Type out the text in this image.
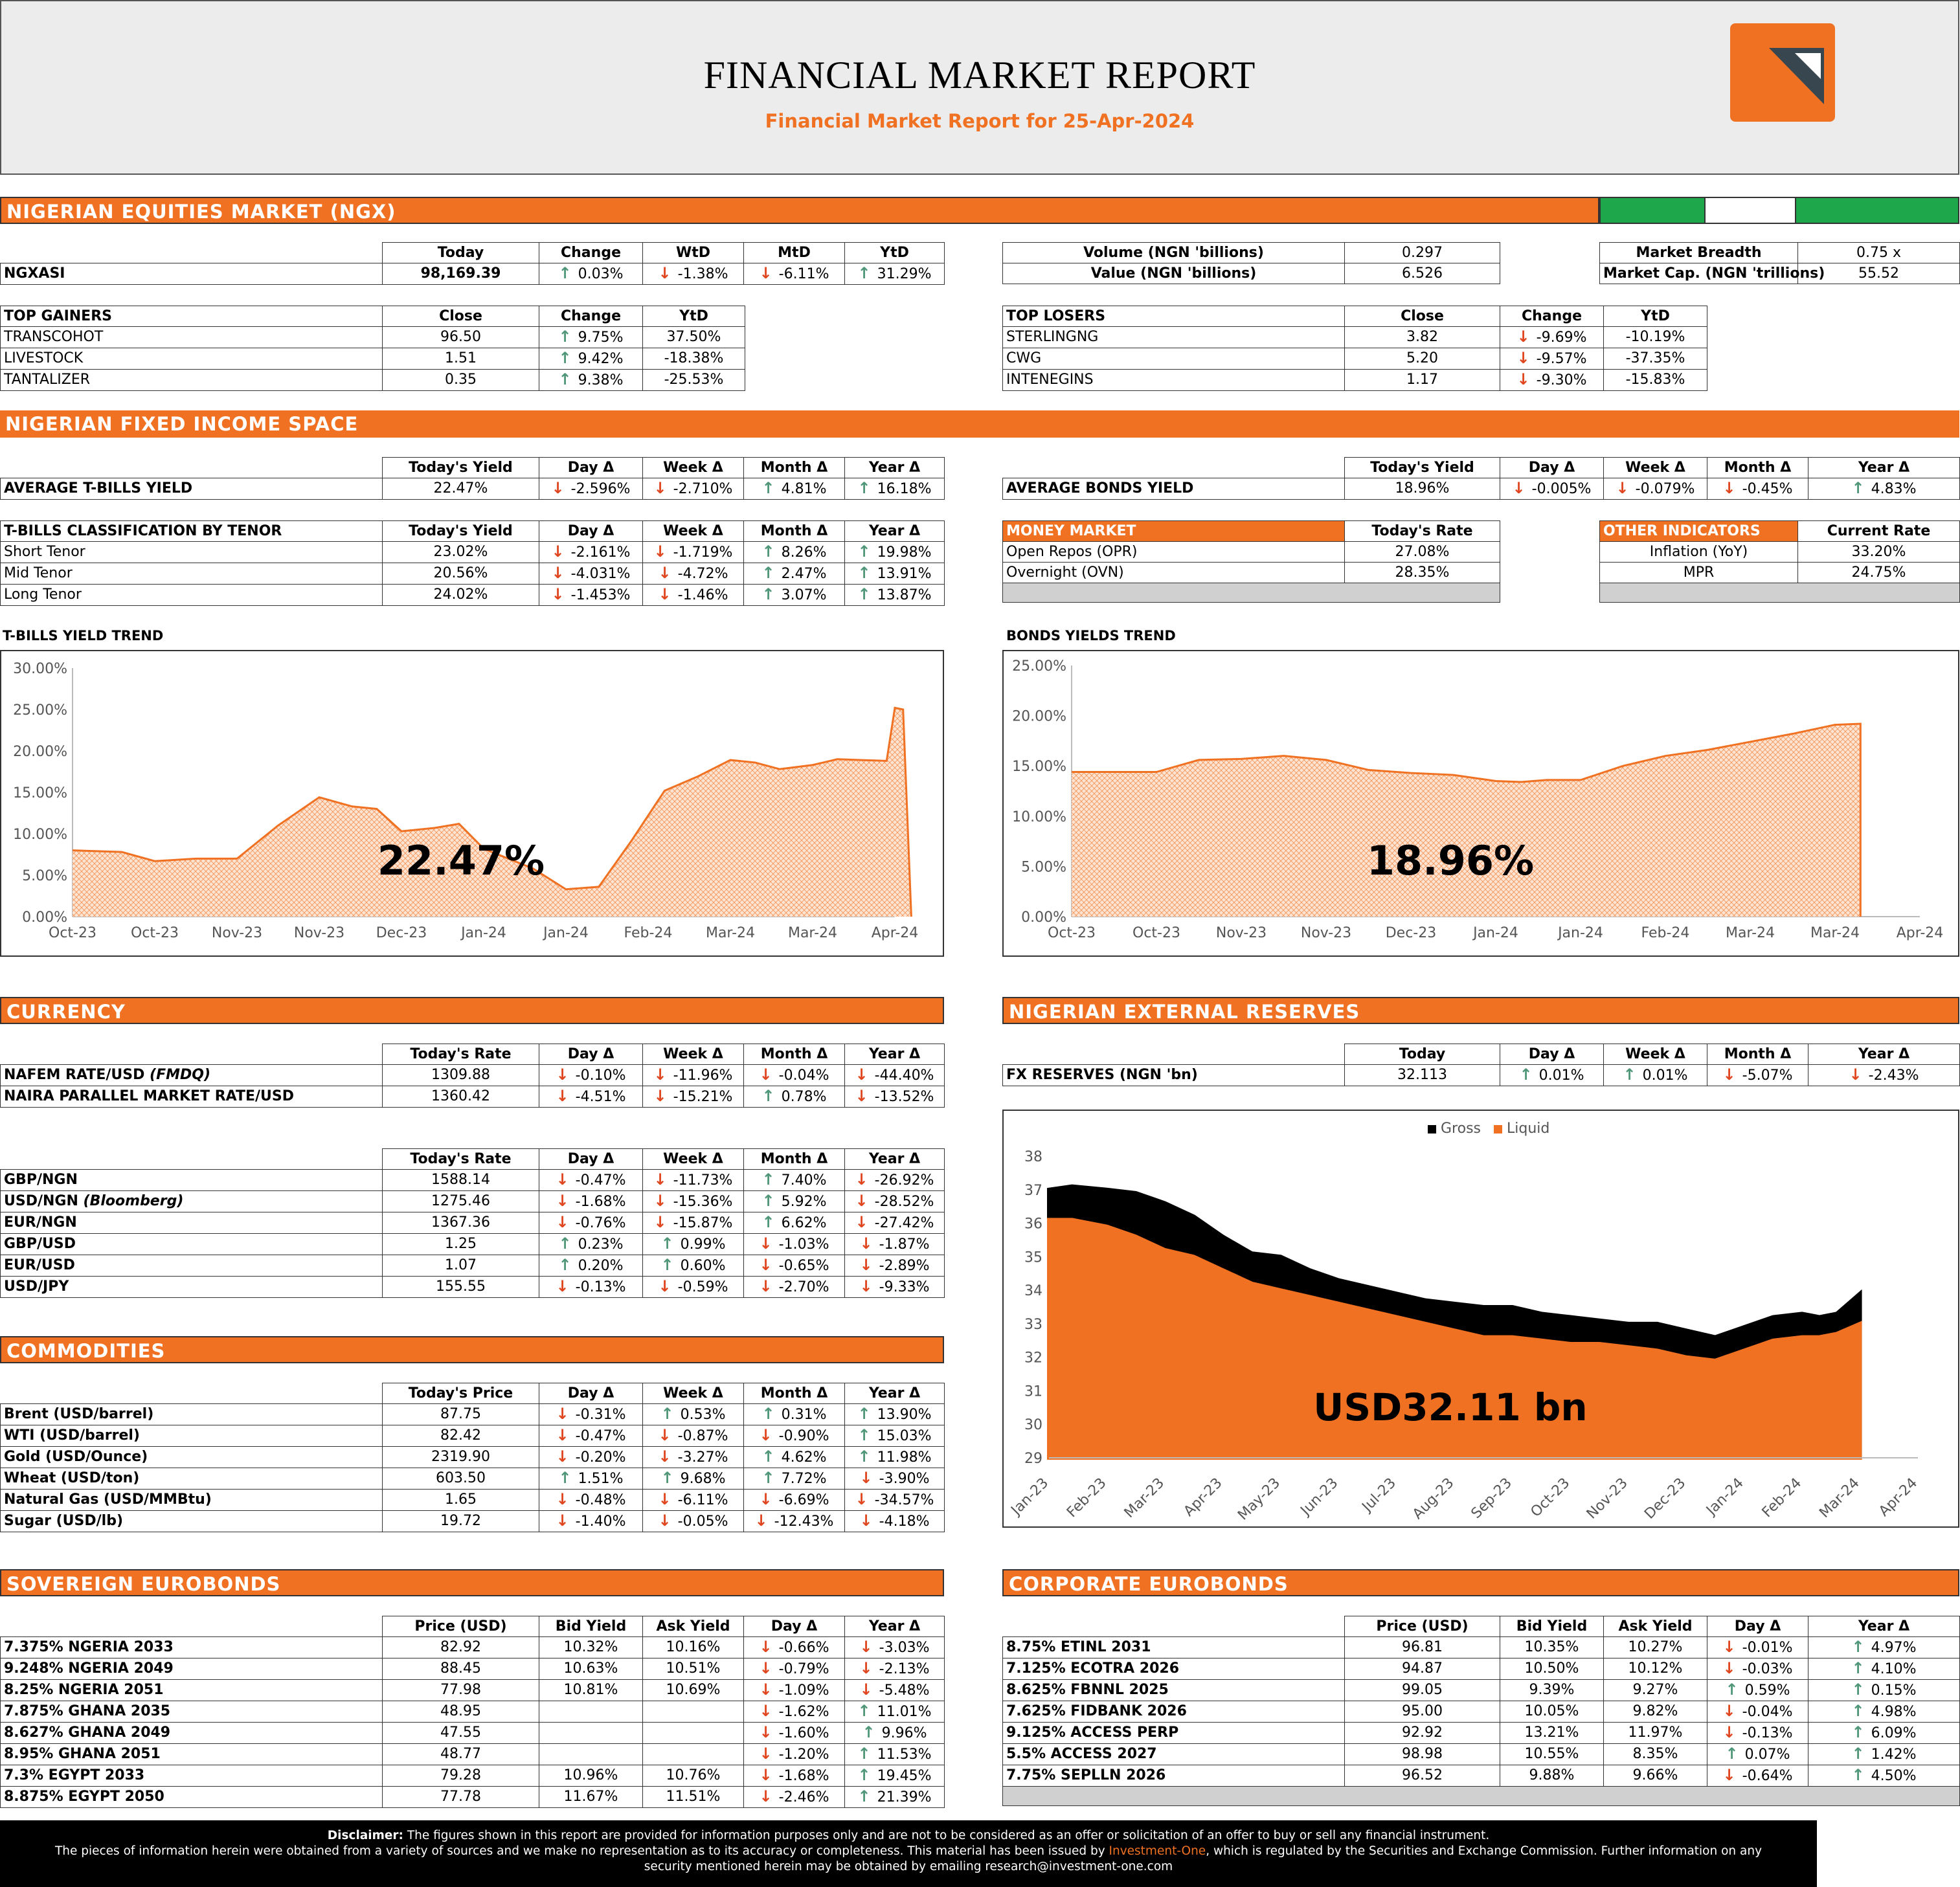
FINANCIAL MARKET REPORT
Financial Market Report for 25-Apr-2024
NIGERIAN EQUITIES MARKET (NGX)
	Today	Change	WtD	MtD	YtD
NGXASI	98,169.39	↑ 0.03%	↓ -1.38%	↓ -6.11%	↑ 31.29%
Volume (NGN 'billions)	0.297
Value (NGN 'billions)	6.526
Market Breadth	0.75 x
Market Cap. (NGN 'trillions)	55.52
TOP GAINERS	Close	Change	YtD
TRANSCOHOT	96.50	↑ 9.75%	37.50%
LIVESTOCK	1.51	↑ 9.42%	-18.38%
TANTALIZER	0.35	↑ 9.38%	-25.53%
TOP LOSERS	Close	Change	YtD
STERLINGNG	3.82	↓ -9.69%	-10.19%
CWG	5.20	↓ -9.57%	-37.35%
INTENEGINS	1.17	↓ -9.30%	-15.83%
NIGERIAN FIXED INCOME SPACE
	Today's Yield	Day Δ	Week Δ	Month Δ	Year Δ
AVERAGE T-BILLS YIELD	22.47%	↓ -2.596%	↓ -2.710%	↑ 4.81%	↑ 16.18%
	Today's Yield	Day Δ	Week Δ	Month Δ	Year Δ
AVERAGE BONDS YIELD	18.96%	↓ -0.005%	↓ -0.079%	↓ -0.45%	↑ 4.83%
T-BILLS CLASSIFICATION BY TENOR	Today's Yield	Day Δ	Week Δ	Month Δ	Year Δ
Short Tenor	23.02%	↓ -2.161%	↓ -1.719%	↑ 8.26%	↑ 19.98%
Mid Tenor	20.56%	↓ -4.031%	↓ -4.72%	↑ 2.47%	↑ 13.91%
Long Tenor	24.02%	↓ -1.453%	↓ -1.46%	↑ 3.07%	↑ 13.87%
MONEY MARKET	Today's Rate
Open Repos (OPR)	27.08%
Overnight (OVN)	28.35%

OTHER INDICATORS	Current Rate
Inflation (YoY)	33.20%
MPR	24.75%

T-BILLS YIELD TREND	BONDS YIELDS TREND
0.00%
5.00%
10.00%
15.00%
20.00%
25.00%
30.00%
Oct-23 Oct-23 Nov-23 Nov-23 Dec-23 Jan-24	Jan-24 Feb-24 Mar-24 Mar-24 Apr-24
22.47%
0.00%
5.00%
10.00%
15.00%
20.00%
25.00%
Oct-23	Oct-23 Nov-23 Nov-23 Dec-23	Jan-24	Jan-24	Feb-24	Mar-24 Mar-24	Apr-24
18.96%
CURRENCY	NIGERIAN EXTERNAL RESERVES
	Today's Rate	Day Δ	Week Δ	Month Δ	Year Δ
NAFEM RATE/USD (FMDQ)	1309.88	↓ -0.10%	↓ -11.96%	↓ -0.04%	↓ -44.40%
NAIRA PARALLEL MARKET RATE/USD	1360.42	↓ -4.51%	↓ -15.21%	↑ 0.78%	↓ -13.52%
	Today	Day Δ	Week Δ	Month Δ	Year Δ
FX RESERVES (NGN 'bn)	32.113	↑ 0.01%	↑ 0.01%	↓ -5.07%	↓ -2.43%
	Today's Rate	Day Δ	Week Δ	Month Δ	Year Δ
GBP/NGN	1588.14	↓ -0.47%	↓ -11.73%	↑ 7.40%	↓ -26.92%
USD/NGN (Bloomberg)	1275.46	↓ -1.68%	↓ -15.36%	↑ 5.92%	↓ -28.52%
EUR/NGN	1367.36	↓ -0.76%	↓ -15.87%	↑ 6.62%	↓ -27.42%
GBP/USD	1.25	↑ 0.23%	↑ 0.99%	↓ -1.03%	↓ -1.87%
EUR/USD	1.07	↑ 0.20%	↑ 0.60%	↓ -0.65%	↓ -2.89%
USD/JPY	155.55	↓ -0.13%	↓ -0.59%	↓ -2.70%	↓ -9.33%
29
30
31
32
33
34
35
36
37
38
Jan-23 Feb-23 Mar-23 Apr-23 May-23 Jun-23 Jul-23 Aug-23 Sep-23 Oct-23 Nov-23 Dec-23 Jan-24 Feb-24 Mar-24 Apr-24
Gross Liquid
USD32.11 bn
COMMODITIES
	Today's Price	Day Δ	Week Δ	Month Δ	Year Δ
Brent (USD/barrel)	87.75	↓ -0.31%	↑ 0.53%	↑ 0.31%	↑ 13.90%
WTI (USD/barrel)	82.42	↓ -0.47%	↓ -0.87%	↓ -0.90%	↑ 15.03%
Gold (USD/Ounce)	2319.90	↓ -0.20%	↓ -3.27%	↑ 4.62%	↑ 11.98%
Wheat (USD/ton)	603.50	↑ 1.51%	↑ 9.68%	↑ 7.72%	↓ -3.90%
Natural Gas (USD/MMBtu)	1.65	↓ -0.48%	↓ -6.11%	↓ -6.69%	↓ -34.57%
Sugar (USD/lb)	19.72	↓ -1.40%	↓ -0.05%	↓ -12.43%	↓ -4.18%
SOVEREIGN EUROBONDS	CORPORATE EUROBONDS
	Price (USD)	Bid Yield	Ask Yield	Day Δ	Year Δ
7.375% NGERIA 2033	82.92	10.32%	10.16%	↓ -0.66%	↓ -3.03%
9.248% NGERIA 2049	88.45	10.63%	10.51%	↓ -0.79%	↓ -2.13%
8.25% NGERIA 2051	77.98	10.81%	10.69%	↓ -1.09%	↓ -5.48%
7.875% GHANA 2035	48.95			↓ -1.62%	↑ 11.01%
8.627% GHANA 2049	47.55			↓ -1.60%	↑ 9.96%
8.95% GHANA 2051	48.77			↓ -1.20%	↑ 11.53%
7.3% EGYPT 2033	79.28	10.96%	10.76%	↓ -1.68%	↑ 19.45%
8.875% EGYPT 2050	77.78	11.67%	11.51%	↓ -2.46%	↑ 21.39%
	Price (USD)	Bid Yield	Ask Yield	Day Δ	Year Δ
8.75% ETINL 2031	96.81	10.35%	10.27%	↓ -0.01%	↑ 4.97%
7.125% ECOTRA 2026	94.87	10.50%	10.12%	↓ -0.03%	↑ 4.10%
8.625% FBNNL 2025	99.05	9.39%	9.27%	↑ 0.59%	↑ 0.15%
7.625% FIDBANK 2026	95.00	10.05%	9.82%	↓ -0.04%	↑ 4.98%
9.125% ACCESS PERP	92.92	13.21%	11.97%	↓ -0.13%	↑ 6.09%
5.5% ACCESS 2027	98.98	10.55%	8.35%	↑ 0.07%	↑ 1.42%
7.75% SEPLLN 2026	96.52	9.88%	9.66%	↓ -0.64%	↑ 4.50%

Disclaimer: The figures shown in this report are provided for information purposes only and are not to be considered as an offer or solicitation of an offer to buy or sell any financial instrument.
The pieces of information herein were obtained from a variety of sources and we make no representation as to its accuracy or completeness. This material has been issued by Investment-One, which is regulated by the Securities and Exchange Commission. Further information on any
security mentioned herein may be obtained by emailing research@investment-one.com
